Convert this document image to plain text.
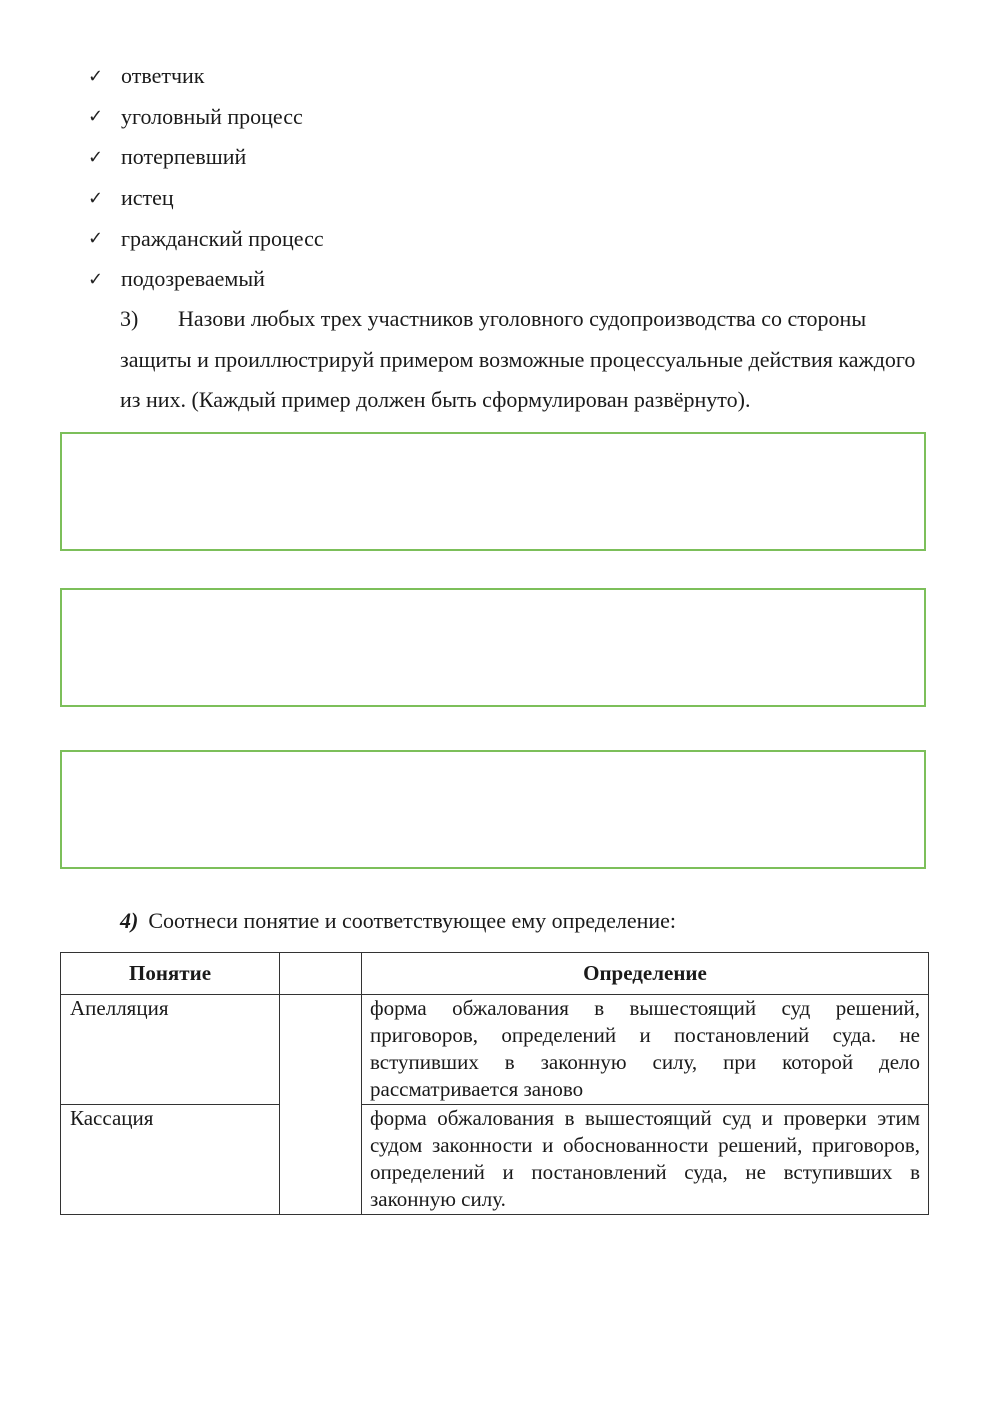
✓ ответчик
✓ уголовный процесс
✓ потерпевший
✓ истец
✓ гражданский процесс
✓ подозреваемый
3) Назови любых трех участников уголовного судопроизводства со стороны защиты и проиллюстрируй примером возможные процессуальные действия каждого из них. (Каждый пример должен быть сформулирован развёрнуто).
4) Соотнеси понятие и соответствующее ему определение:
Понятие		Определение
Апелляция		форма обжалования в вышестоящий суд решений, приговоров, определений и постановлений суда. не вступивших в законную силу, при которой дело рассматривается заново
Кассация		форма обжалования в вышестоящий суд и проверки этим судом законности и обоснованности решений, приговоров, определений и постановлений суда, не вступивших в законную силу.
